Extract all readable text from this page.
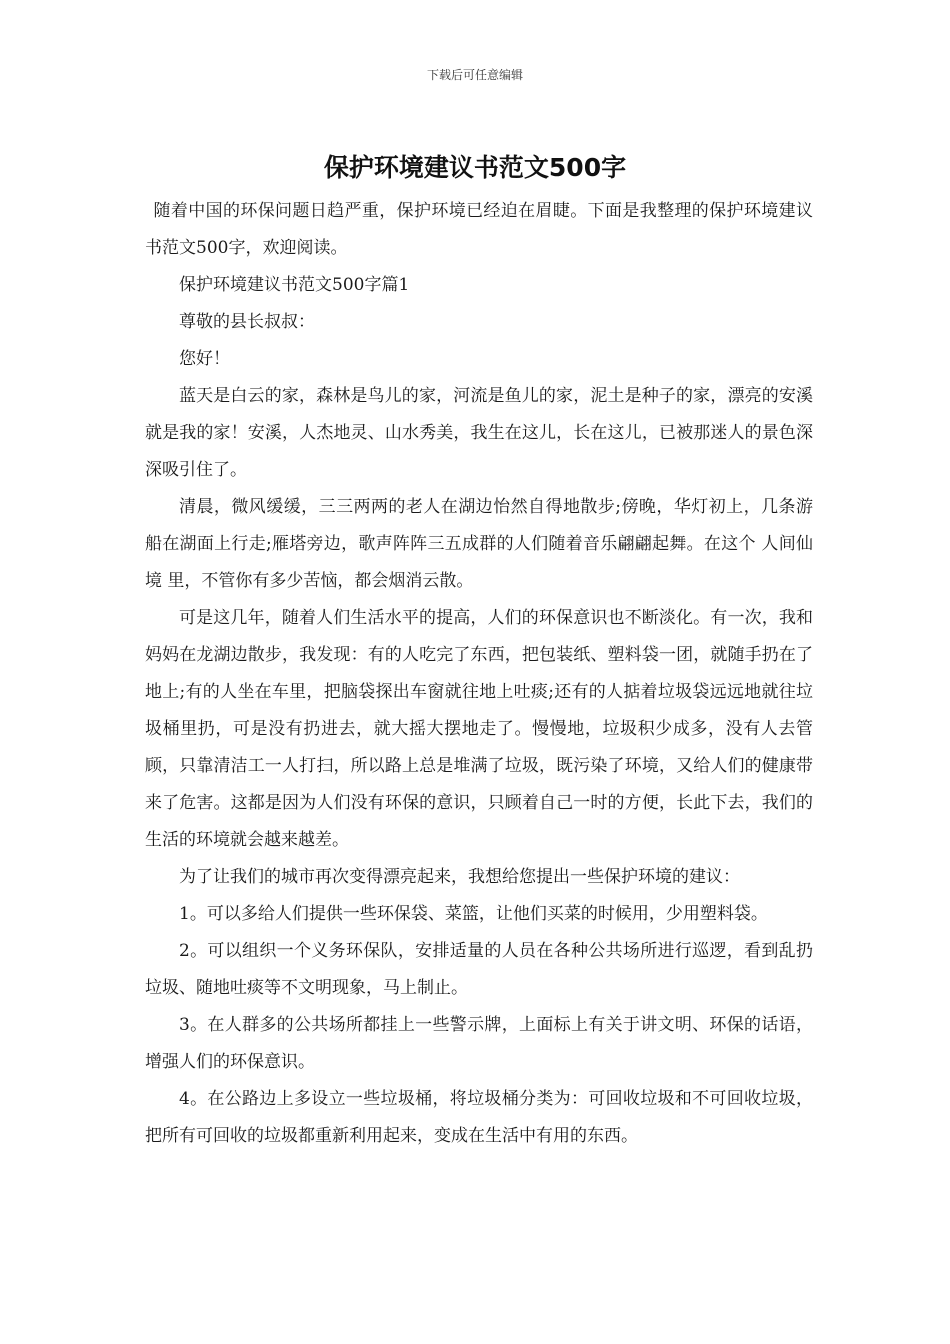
下载后可任意编辑
保护环境建议书范文500字

随着中国的环保问题日趋严重，保护环境已经迫在眉睫。下面是我整理的保护环境建议书范文500字，欢迎阅读。

保护环境建议书范文500字篇1

尊敬的县长叔叔：

您好！

蓝天是白云的家，森林是鸟儿的家，河流是鱼儿的家，泥土是种子的家，漂亮的安溪就是我的家！安溪，人杰地灵、山水秀美，我生在这儿，长在这儿，已被那迷人的景色深深吸引住了。

清晨，微风缓缓，三三两两的老人在湖边怡然自得地散步;傍晚，华灯初上，几条游船在湖面上行走;雁塔旁边，歌声阵阵三五成群的人们随着音乐翩翩起舞。在这个 人间仙境 里，不管你有多少苦恼，都会烟消云散。

可是这几年，随着人们生活水平的提高，人们的环保意识也不断淡化。有一次，我和妈妈在龙湖边散步，我发现：有的人吃完了东西，把包装纸、塑料袋一团，就随手扔在了地上;有的人坐在车里，把脑袋探出车窗就往地上吐痰;还有的人掂着垃圾袋远远地就往垃圾桶里扔，可是没有扔进去，就大摇大摆地走了。慢慢地，垃圾积少成多，没有人去管顾，只靠清洁工一人打扫，所以路上总是堆满了垃圾，既污染了环境，又给人们的健康带来了危害。这都是因为人们没有环保的意识，只顾着自己一时的方便，长此下去，我们的生活的环境就会越来越差。

为了让我们的城市再次变得漂亮起来，我想给您提出一些保护环境的建议：

1。可以多给人们提供一些环保袋、菜篮，让他们买菜的时候用，少用塑料袋。

2。可以组织一个义务环保队，安排适量的人员在各种公共场所进行巡逻，看到乱扔垃圾、随地吐痰等不文明现象，马上制止。

3。在人群多的公共场所都挂上一些警示牌，上面标上有关于讲文明、环保的话语，增强人们的环保意识。

4。在公路边上多设立一些垃圾桶，将垃圾桶分类为：可回收垃圾和不可回收垃圾，把所有可回收的垃圾都重新利用起来，变成在生活中有用的东西。
